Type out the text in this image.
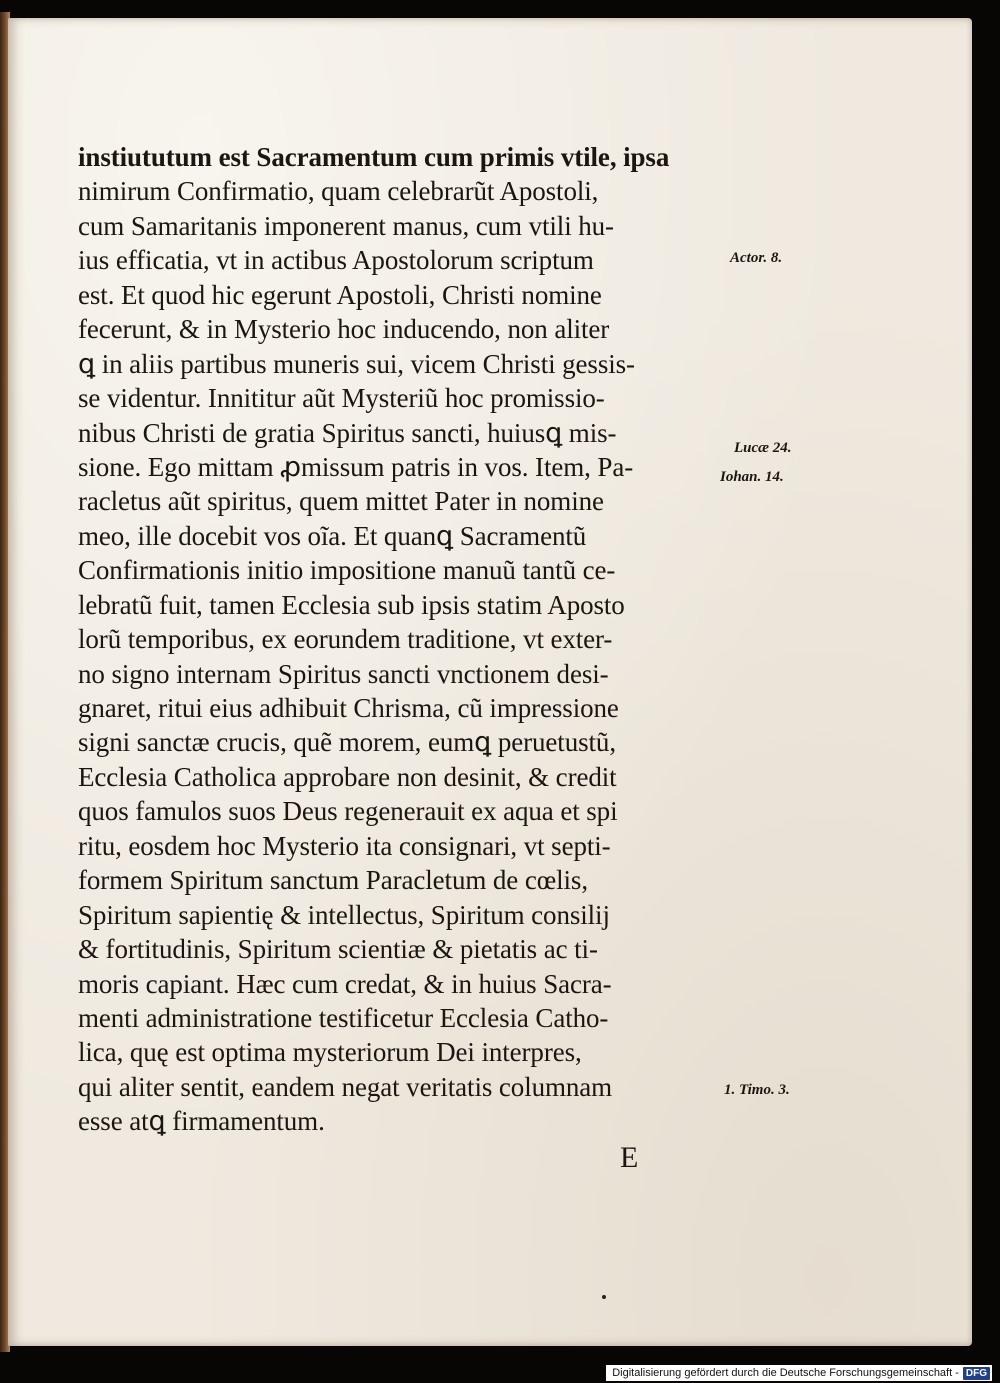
instiututum est Sacramentum cum primis vtile, ipsa
nimirum Confirmatio, quam celebrarũt Apostoli,
cum Samaritanis imponerent manus, cum vtili hu-
ius efficatia, vt in actibus Apostolorum scriptum
est. Et quod hic egerunt Apostoli, Christi nomine
fecerunt, & in Mysterio hoc inducendo, non aliter
ꝗ in aliis partibus muneris sui, vicem Christi gessis-
se videntur. Innititur aũt Mysteriũ hoc promissio-
nibus Christi de gratia Spiritus sancti, huiusꝗ mis-
sione. Ego mittam ꝓmissum patris in vos. Item, Pa-
racletus aũt spiritus, quem mittet Pater in nomine
meo, ille docebit vos oĩa. Et quanꝗ Sacramentũ
Confirmationis initio impositione manuũ tantũ ce-
lebratũ fuit, tamen Ecclesia sub ipsis statim Aposto
lorũ temporibus, ex eorundem traditione, vt exter-
no signo internam Spiritus sancti vnctionem desi-
gnaret, ritui eius adhibuit Chrisma, cũ impressione
signi sanctæ crucis, quẽ morem, eumꝗ peruetustũ,
Ecclesia Catholica approbare non desinit, & credit
quos famulos suos Deus regenerauit ex aqua et spi
ritu, eosdem hoc Mysterio ita consignari, vt septi-
formem Spiritum sanctum Paracletum de cœlis,
Spiritum sapientię & intellectus, Spiritum consilij
& fortitudinis, Spiritum scientiæ & pietatis ac ti-
moris capiant. Hæc cum credat, & in huius Sacra-
menti administratione testificetur Ecclesia Catho-
lica, quę est optima mysteriorum Dei interpres,
qui aliter sentit, eandem negat veritatis columnam
esse atꝗ firmamentum.
Actor. 8.
Lucæ 24.
Iohan. 14.
1. Timo. 3.
E
Digitalisierung gefördert durch die Deutsche Forschungsgemeinschaft - DFG
